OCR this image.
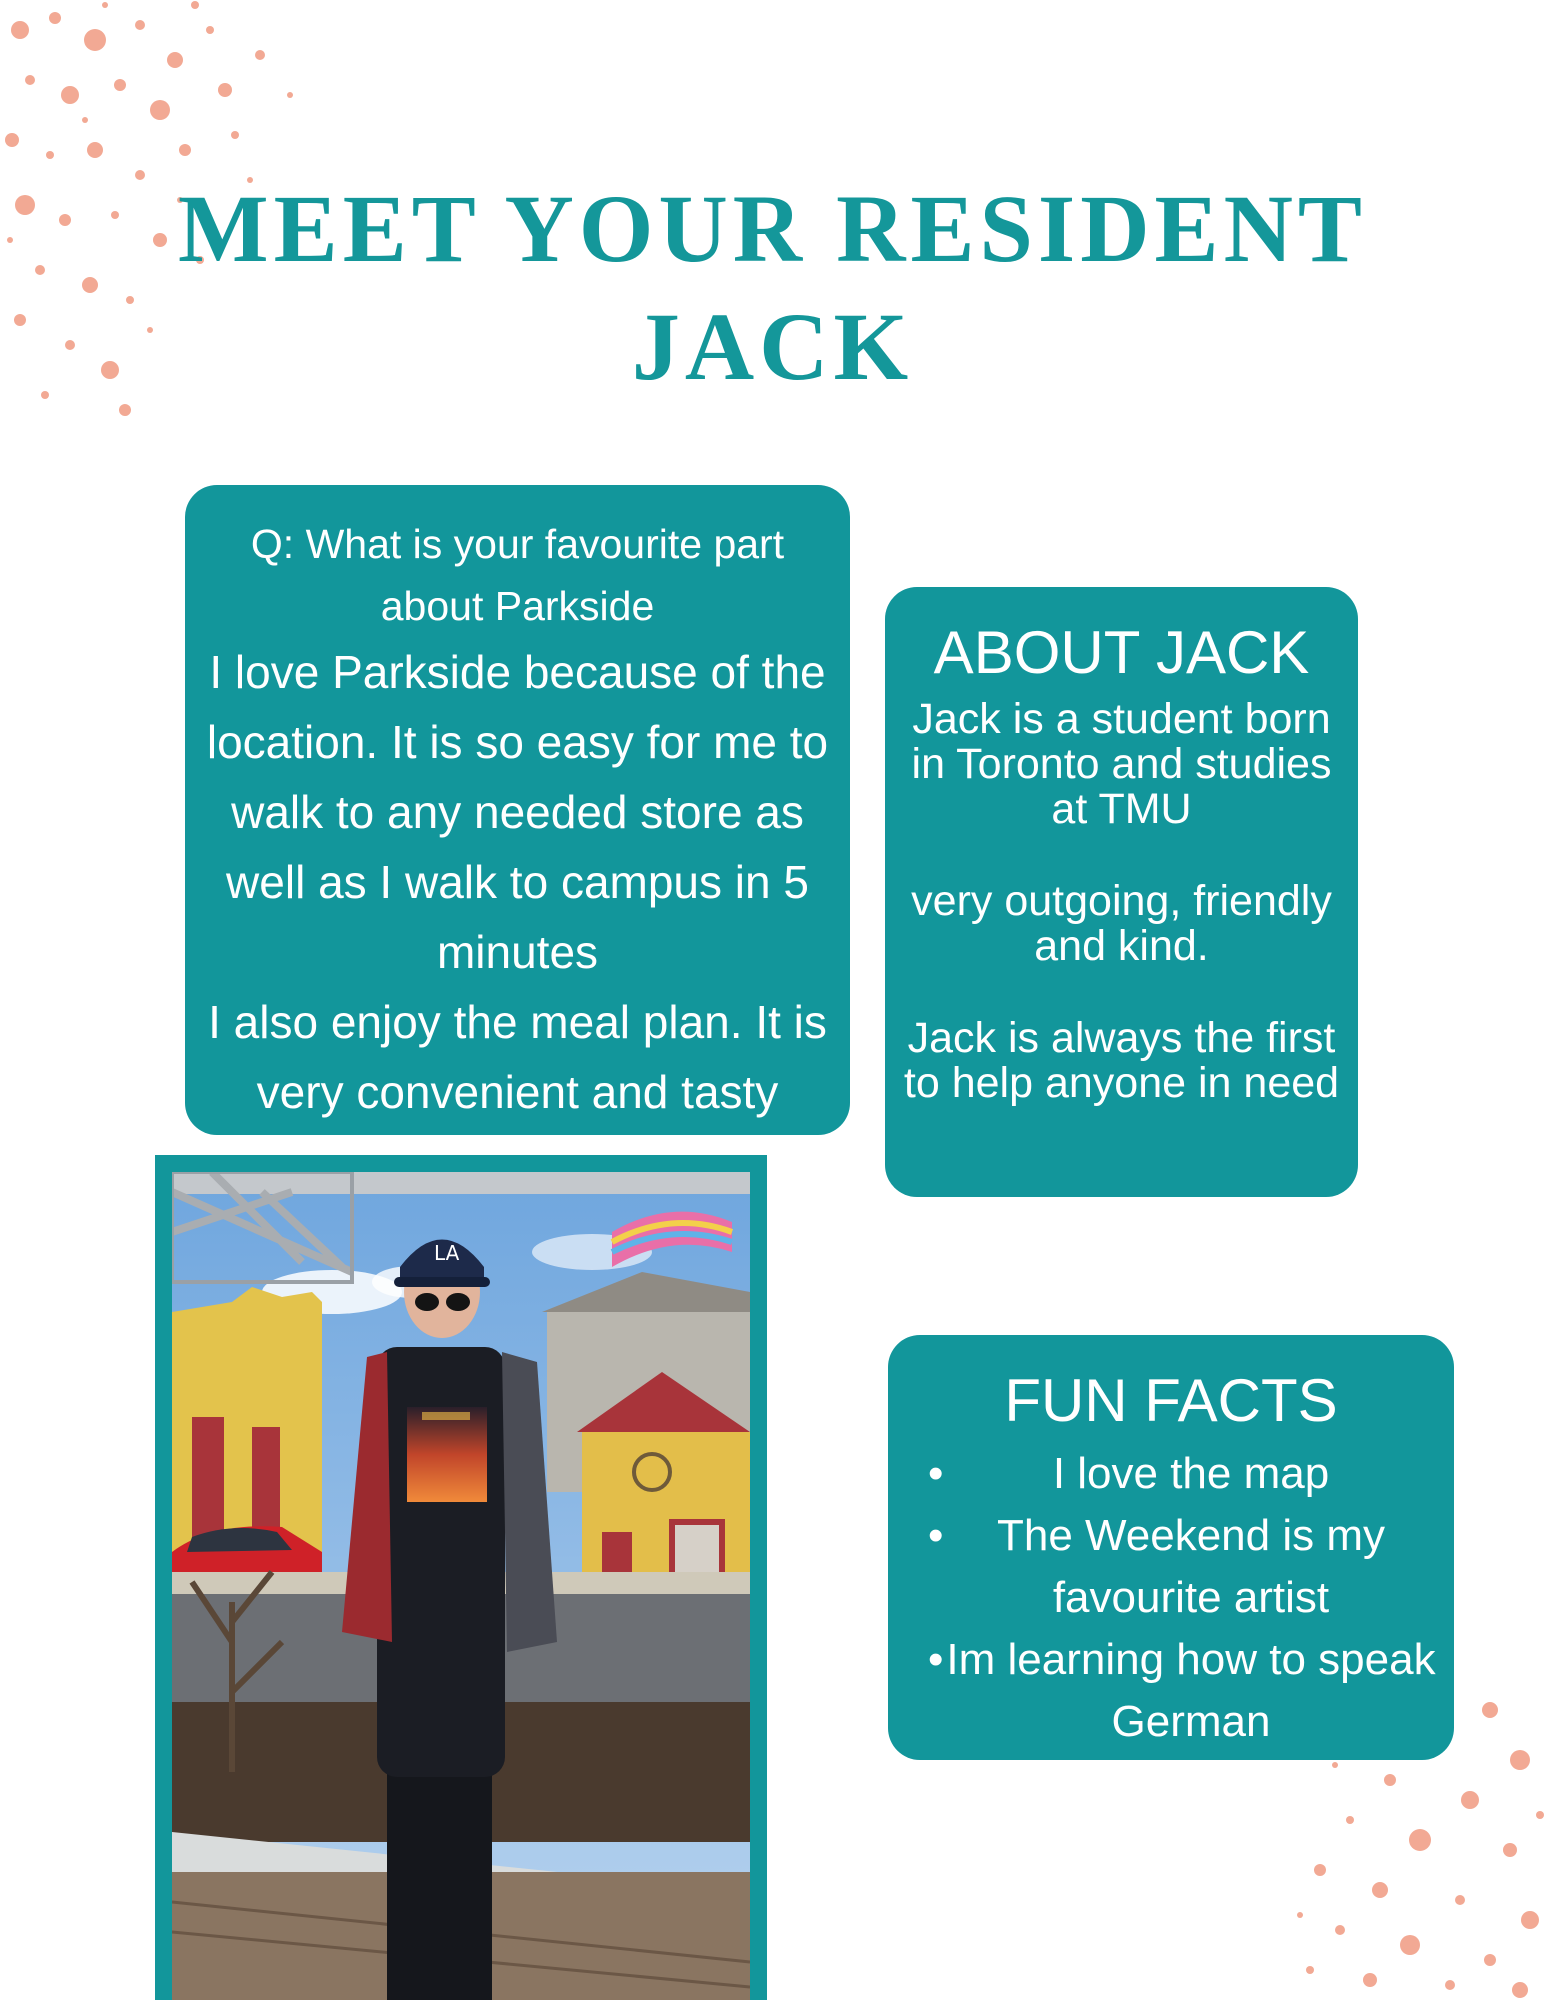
MEET YOUR RESIDENT
JACK
Q: What is your favourite part about Parkside
I love Parkside because of the location. It is so easy for me to walk to any needed store as well as I walk to campus in 5 minutes
I also enjoy the meal plan. It is very convenient and tasty
ABOUT JACK
Jack is a student born in Toronto and studies at TMU
very outgoing, friendly and kind.
Jack is always the first to help anyone in need
FUN FACTS
• I love the map
• The Weekend is my favourite artist
• Im learning how to speak German
LA
